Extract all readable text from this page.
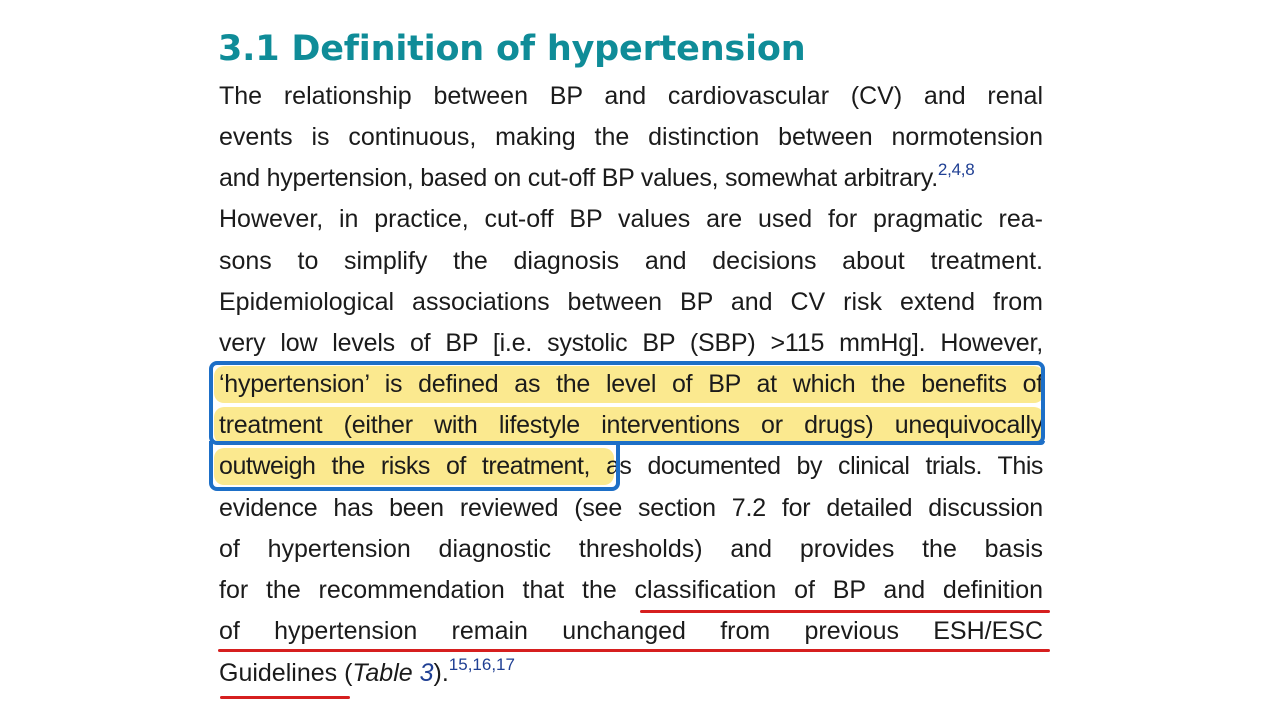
3.1 Definition of hypertension
The relationship between BP and cardiovascular (CV) and renal
events is continuous, making the distinction between normotension
and hypertension, based on cut-off BP values, somewhat arbitrary.$^{2,4,8}$
However, in practice, cut-off BP values are used for pragmatic rea-
sons to simplify the diagnosis and decisions about treatment.
Epidemiological associations between BP and CV risk extend from
very low levels of BP [i.e. systolic BP (SBP) >115 mmHg]. However,
‘hypertension’ is defined as the level of BP at which the benefits of
treatment (either with lifestyle interventions or drugs) unequivocally
outweigh the risks of treatment, as documented by clinical trials. This
evidence has been reviewed (see section 7.2 for detailed discussion
of hypertension diagnostic thresholds) and provides the basis
for the recommendation that the classification of BP and definition
of hypertension remain unchanged from previous ESH/ESC
Guidelines (Table 3).$^{15,16,17}$
